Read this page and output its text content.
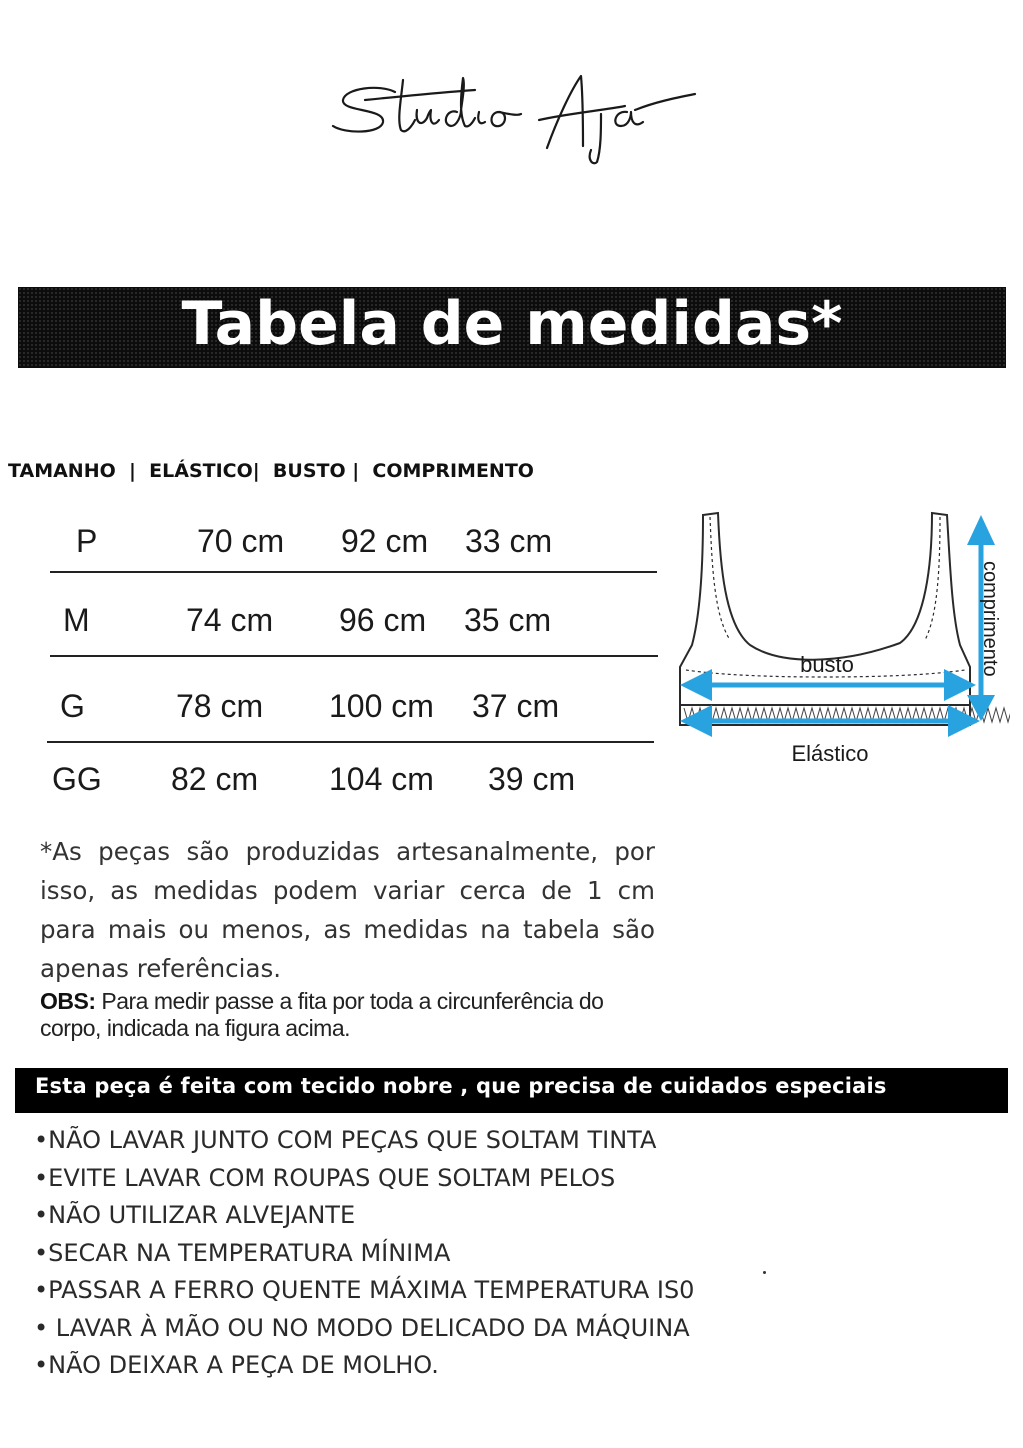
Tabela de medidas*
TAMANHO  |  ELÁSTICO|  BUSTO |  COMPRIMENTO
P	70 cm 92 cm 33 cm
M	74 cm 96 cm 35 cm
G	78 cm 100 cm 37 cm
GG 82 cm 104 cm 39 cm
busto
Elástico
comprimento
*As peças são produzidas artesanalmente, por isso, as medidas podem variar cerca de 1 cm para mais ou menos, as medidas na tabela são apenas referências.
OBS: Para medir passe a fita por toda a circunferência do corpo, indicada na figura acima.
Esta peça é feita com tecido nobre , que precisa de cuidados especiais
•NÃO LAVAR JUNTO COM PEÇAS QUE SOLTAM TINTA
•EVITE LAVAR COM ROUPAS QUE SOLTAM PELOS
•NÃO UTILIZAR ALVEJANTE
•SECAR NA TEMPERATURA MÍNIMA
•PASSAR A FERRO QUENTE MÁXIMA TEMPERATURA IS0
• LAVAR À MÃO OU NO MODO DELICADO DA MÁQUINA
•NÃO DEIXAR A PEÇA DE MOLHO.
